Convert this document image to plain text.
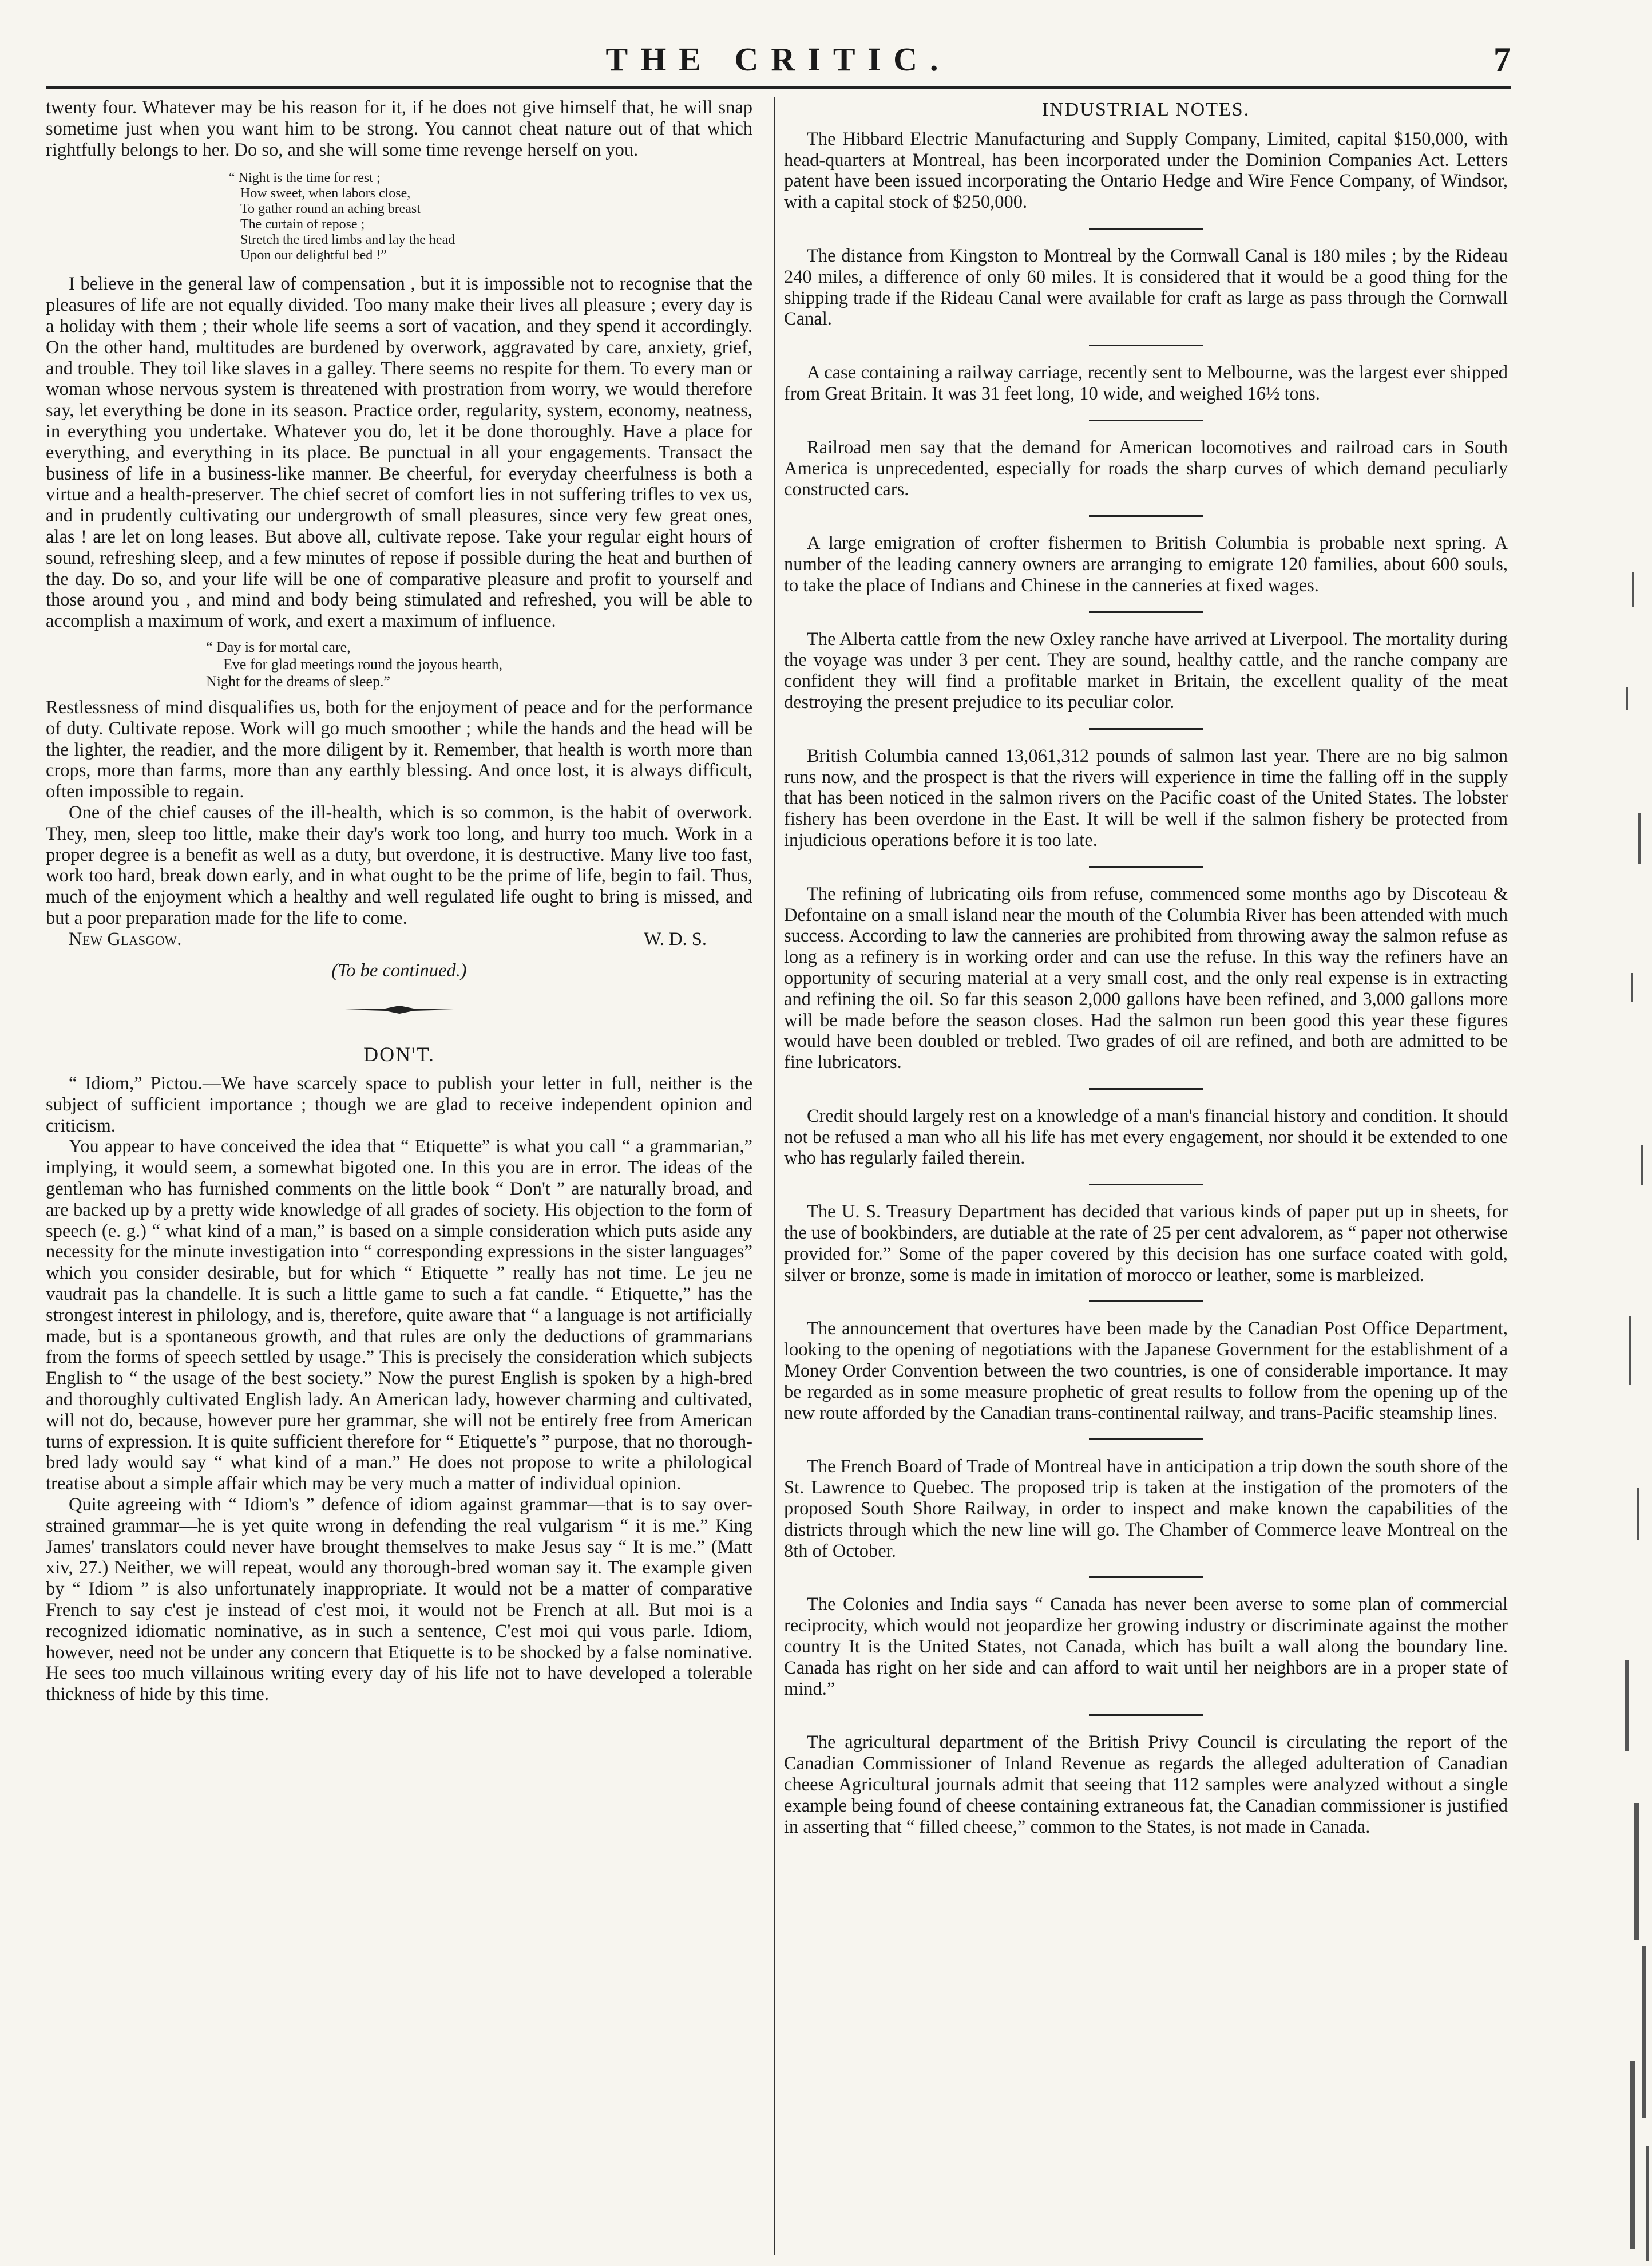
THE CRITIC.	7

twenty four. Whatever may be his reason for it, if he does not give himself that, he will snap sometime just when you want him to be strong. You cannot cheat nature out of that which rightfully belongs to her. Do so, and she will some time revenge herself on you.

“ Night is the time for rest ;
How sweet, when labors close,
To gather round an aching breast
The curtain of repose ;
Stretch the tired limbs and lay the head
Upon our delightful bed !”

I believe in the general law of compensation , but it is impossible not to recognise that the pleasures of life are not equally divided. Too many make their lives all pleasure ; every day is a holiday with them ; their whole life seems a sort of vacation, and they spend it accordingly. On the other hand, multitudes are burdened by overwork, aggravated by care, anxiety, grief, and trouble. They toil like slaves in a galley. There seems no respite for them. To every man or woman whose nervous system is threatened with prostration from worry, we would therefore say, let everything be done in its season. Practice order, regularity, system, economy, neatness, in everything you undertake. Whatever you do, let it be done thoroughly. Have a place for everything, and everything in its place. Be punctual in all your engagements. Transact the business of life in a business-like manner. Be cheerful, for everyday cheerfulness is both a virtue and a health-preserver. The chief secret of comfort lies in not suffering trifles to vex us, and in prudently cultivating our undergrowth of small pleasures, since very few great ones, alas ! are let on long leases. But above all, cultivate repose. Take your regular eight hours of sound, refreshing sleep, and a few minutes of repose if possible during the heat and burthen of the day. Do so, and your life will be one of comparative pleasure and profit to yourself and those around you , and mind and body being stimulated and refreshed, you will be able to accomplish a maximum of work, and exert a maximum of influence.

“ Day is for mortal care,
Eve for glad meetings round the joyous hearth,
Night for the dreams of sleep.”

Restlessness of mind disqualifies us, both for the enjoyment of peace and for the performance of duty. Cultivate repose. Work will go much smoother ; while the hands and the head will be the lighter, the readier, and the more diligent by it. Remember, that health is worth more than crops, more than farms, more than any earthly blessing. And once lost, it is always difficult, often impossible to regain.

One of the chief causes of the ill-health, which is so common, is the habit of overwork. They, men, sleep too little, make their day's work too long, and hurry too much. Work in a proper degree is a benefit as well as a duty, but overdone, it is destructive. Many live too fast, work too hard, break down early, and in what ought to be the prime of life, begin to fail. Thus, much of the enjoyment which a healthy and well regulated life ought to bring is missed, and but a poor preparation made for the life to come.

New Glasgow.	W. D. S.

(To be continued.)

DON'T.

“ Idiom,” Pictou.—We have scarcely space to publish your letter in full, neither is the subject of sufficient importance ; though we are glad to receive independent opinion and criticism.

You appear to have conceived the idea that “ Etiquette” is what you call “ a grammarian,” implying, it would seem, a somewhat bigoted one. In this you are in error. The ideas of the gentleman who has furnished comments on the little book “ Don't ” are naturally broad, and are backed up by a pretty wide knowledge of all grades of society. His objection to the form of speech (e. g.) “ what kind of a man,” is based on a simple consideration which puts aside any necessity for the minute investigation into “ corresponding expressions in the sister languages” which you consider desirable, but for which “ Etiquette ” really has not time. Le jeu ne vaudrait pas la chandelle. It is such a little game to such a fat candle. “ Etiquette,” has the strongest interest in philology, and is, therefore, quite aware that “ a language is not artificially made, but is a spontaneous growth, and that rules are only the deductions of grammarians from the forms of speech settled by usage.” This is precisely the consideration which subjects English to “ the usage of the best society.” Now the purest English is spoken by a high-bred and thoroughly cultivated English lady. An American lady, however charming and cultivated, will not do, because, however pure her grammar, she will not be entirely free from American turns of expression. It is quite sufficient therefore for “ Etiquette's ” purpose, that no thorough-bred lady would say “ what kind of a man.” He does not propose to write a philological treatise about a simple affair which may be very much a matter of individual opinion.

Quite agreeing with “ Idiom's ” defence of idiom against grammar—that is to say over-strained grammar—he is yet quite wrong in defending the real vulgarism “ it is me.” King James' translators could never have brought themselves to make Jesus say “ It is me.” (Matt xiv, 27.) Neither, we will repeat, would any thorough-bred woman say it. The example given by “ Idiom ” is also unfortunately inappropriate. It would not be a matter of comparative French to say c'est je instead of c'est moi, it would not be French at all. But moi is a recognized idiomatic nominative, as in such a sentence, C'est moi qui vous parle. Idiom, however, need not be under any concern that Etiquette is to be shocked by a false nominative. He sees too much villainous writing every day of his life not to have developed a tolerable thickness of hide by this time.

INDUSTRIAL NOTES.

The Hibbard Electric Manufacturing and Supply Company, Limited, capital $150,000, with head-quarters at Montreal, has been incorporated under the Dominion Companies Act. Letters patent have been issued incorporating the Ontario Hedge and Wire Fence Company, of Windsor, with a capital stock of $250,000.

The distance from Kingston to Montreal by the Cornwall Canal is 180 miles ; by the Rideau 240 miles, a difference of only 60 miles. It is considered that it would be a good thing for the shipping trade if the Rideau Canal were available for craft as large as pass through the Cornwall Canal.

A case containing a railway carriage, recently sent to Melbourne, was the largest ever shipped from Great Britain. It was 31 feet long, 10 wide, and weighed 16½ tons.

Railroad men say that the demand for American locomotives and railroad cars in South America is unprecedented, especially for roads the sharp curves of which demand peculiarly constructed cars.

A large emigration of crofter fishermen to British Columbia is probable next spring. A number of the leading cannery owners are arranging to emigrate 120 families, about 600 souls, to take the place of Indians and Chinese in the canneries at fixed wages.

The Alberta cattle from the new Oxley ranche have arrived at Liverpool. The mortality during the voyage was under 3 per cent. They are sound, healthy cattle, and the ranche company are confident they will find a profitable market in Britain, the excellent quality of the meat destroying the present prejudice to its peculiar color.

British Columbia canned 13,061,312 pounds of salmon last year. There are no big salmon runs now, and the prospect is that the rivers will experience in time the falling off in the supply that has been noticed in the salmon rivers on the Pacific coast of the United States. The lobster fishery has been overdone in the East. It will be well if the salmon fishery be protected from injudicious operations before it is too late.

The refining of lubricating oils from refuse, commenced some months ago by Discoteau & Defontaine on a small island near the mouth of the Columbia River has been attended with much success. According to law the canneries are prohibited from throwing away the salmon refuse as long as a refinery is in working order and can use the refuse. In this way the refiners have an opportunity of securing material at a very small cost, and the only real expense is in extracting and refining the oil. So far this season 2,000 gallons have been refined, and 3,000 gallons more will be made before the season closes. Had the salmon run been good this year these figures would have been doubled or trebled. Two grades of oil are refined, and both are admitted to be fine lubricators.

Credit should largely rest on a knowledge of a man's financial history and condition. It should not be refused a man who all his life has met every engagement, nor should it be extended to one who has regularly failed therein.

The U. S. Treasury Department has decided that various kinds of paper put up in sheets, for the use of bookbinders, are dutiable at the rate of 25 per cent advalorem, as “ paper not otherwise provided for.” Some of the paper covered by this decision has one surface coated with gold, silver or bronze, some is made in imitation of morocco or leather, some is marbleized.

The announcement that overtures have been made by the Canadian Post Office Department, looking to the opening of negotiations with the Japanese Government for the establishment of a Money Order Convention between the two countries, is one of considerable importance. It may be regarded as in some measure prophetic of great results to follow from the opening up of the new route afforded by the Canadian trans-continental railway, and trans-Pacific steamship lines.

The French Board of Trade of Montreal have in anticipation a trip down the south shore of the St. Lawrence to Quebec. The proposed trip is taken at the instigation of the promoters of the proposed South Shore Railway, in order to inspect and make known the capabilities of the districts through which the new line will go. The Chamber of Commerce leave Montreal on the 8th of October.

The Colonies and India says “ Canada has never been averse to some plan of commercial reciprocity, which would not jeopardize her growing industry or discriminate against the mother country It is the United States, not Canada, which has built a wall along the boundary line. Canada has right on her side and can afford to wait until her neighbors are in a proper state of mind.”

The agricultural department of the British Privy Council is circulating the report of the Canadian Commissioner of Inland Revenue as regards the alleged adulteration of Canadian cheese Agricultural journals admit that seeing that 112 samples were analyzed without a single example being found of cheese containing extraneous fat, the Canadian commissioner is justified in asserting that “ filled cheese,” common to the States, is not made in Canada.
